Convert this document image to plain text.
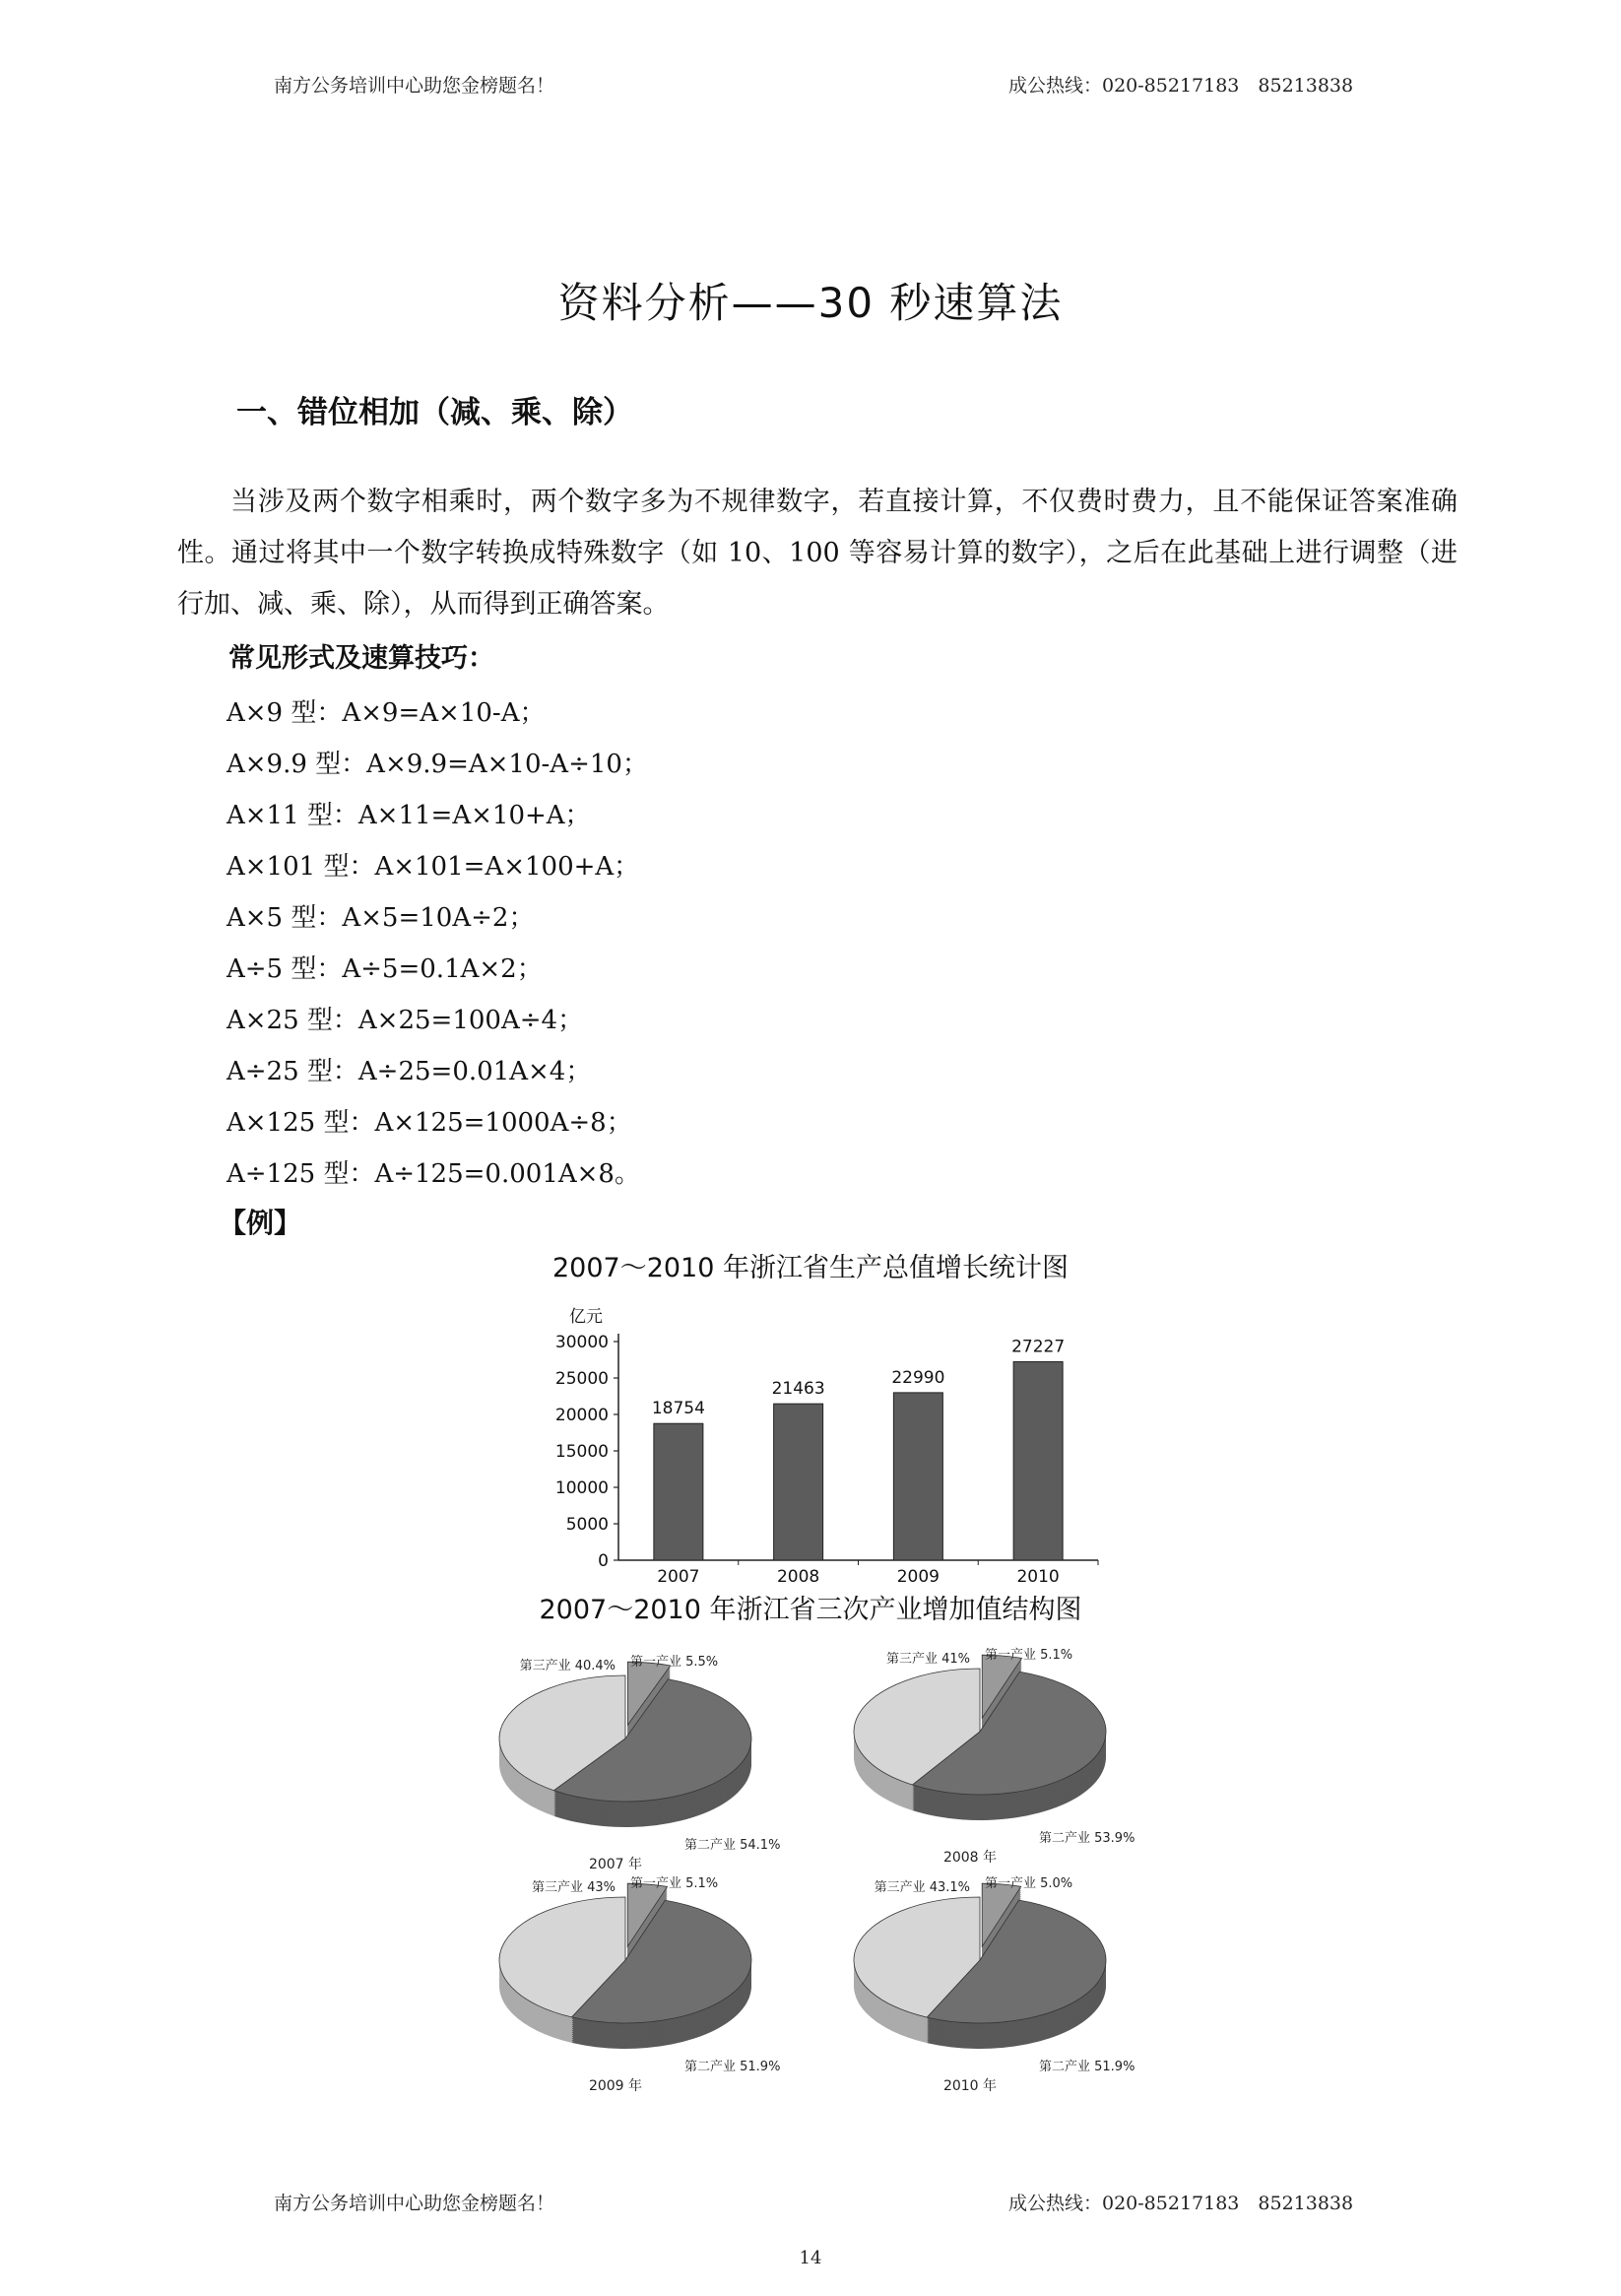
南方公务培训中心助您金榜题名！	成公热线：020-85217183　85213838
资料分析——30 秒速算法
一、错位相加（减、乘、除）
当涉及两个数字相乘时，两个数字多为不规律数字，若直接计算，不仅费时费力，且不能保证答案准确性。通过将其中一个数字转换成特殊数字（如 10、100 等容易计算的数字），之后在此基础上进行调整（进行加、减、乘、除），从而得到正确答案。
常见形式及速算技巧：
A×9 型：A×9=A×10-A；
A×9.9 型：A×9.9=A×10-A÷10；
A×11 型：A×11=A×10+A；
A×101 型：A×101=A×100+A；
A×5 型：A×5=10A÷2；
A÷5 型：A÷5=0.1A×2；
A×25 型：A×25=100A÷4；
A÷25 型：A÷25=0.01A×4；
A×125 型：A×125=1000A÷8；
A÷125 型：A÷125=0.001A×8。
【例】
2007～2010 年浙江省生产总值增长统计图
亿元
0
5000
10000
15000
20000
25000
30000
18754
2007
21463
2008
22990
2009
27227
2010
2007～2010 年浙江省三次产业增加值结构图
第一产业 5.5%
第二产业 54.1%
第三产业 40.4%
2007 年
第一产业 5.1%
第二产业 53.9%
第三产业 41%
2008 年
第一产业 5.1%
第二产业 51.9%
第三产业 43%
2009 年
第一产业 5.0%
第二产业 51.9%
第三产业 43.1%
2010 年
南方公务培训中心助您金榜题名！	成公热线：020-85217183　85213838
14
